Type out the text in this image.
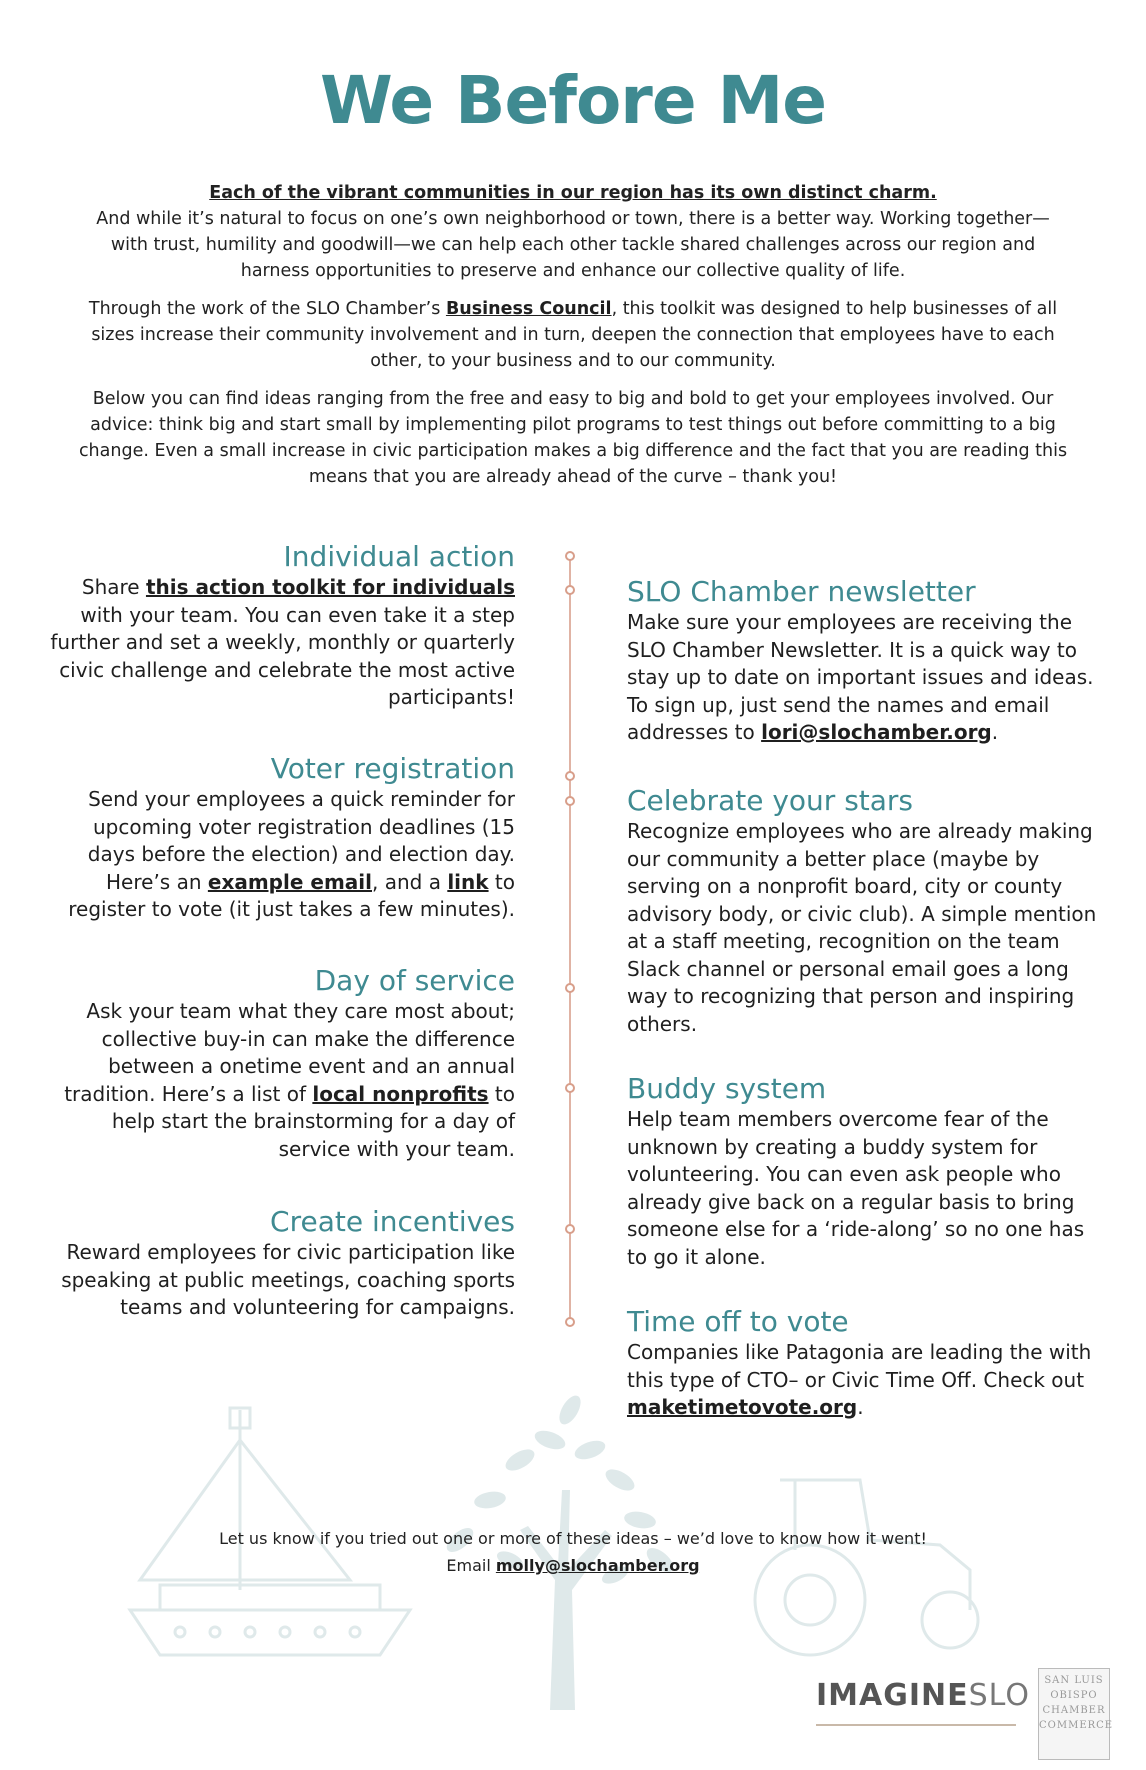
We Before Me

Each of the vibrant communities in our region has its own distinct charm.
And while it’s natural to focus on one’s own neighborhood or town, there is a better way. Working together—with trust, humility and goodwill—we can help each other tackle shared challenges across our region and harness opportunities to preserve and enhance our collective quality of life.

Through the work of the SLO Chamber’s Business Council, this toolkit was designed to help businesses of all sizes increase their community involvement and in turn, deepen the connection that employees have to each other, to your business and to our community.

Below you can find ideas ranging from the free and easy to big and bold to get your employees involved. Our advice: think big and start small by implementing pilot programs to test things out before committing to a big change. Even a small increase in civic participation makes a big difference and the fact that you are reading this means that you are already ahead of the curve – thank you!

Individual action
Share this action toolkit for individuals with your team. You can even take it a step further and set a weekly, monthly or quarterly civic challenge and celebrate the most active participants!
Voter registration
Send your employees a quick reminder for upcoming voter registration deadlines (15 days before the election) and election day. Here’s an example email, and a link to register to vote (it just takes a few minutes).
Day of service
Ask your team what they care most about; collective buy-in can make the difference between a onetime event and an annual tradition. Here’s a list of local nonprofits to help start the brainstorming for a day of service with your team.
Create incentives
Reward employees for civic participation like speaking at public meetings, coaching sports teams and volunteering for campaigns.
SLO Chamber newsletter
Make sure your employees are receiving the SLO Chamber Newsletter. It is a quick way to stay up to date on important issues and ideas. To sign up, just send the names and email addresses to lori@slochamber.org.
Celebrate your stars
Recognize employees who are already making our community a better place (maybe by serving on a nonprofit board, city or county advisory body, or civic club). A simple mention at a staff meeting, recognition on the team Slack channel or personal email goes a long way to recognizing that person and inspiring others.
Buddy system
Help team members overcome fear of the unknown by creating a buddy system for volunteering. You can even ask people who already give back on a regular basis to bring someone else for a ‘ride-along’ so no one has to go it alone.
Time off to vote
Companies like Patagonia are leading the with this type of CTO– or Civic Time Off. Check out maketimetovote.org.
Let us know if you tried out one or more of these ideas – we’d love to know how it went!
Email molly@slochamber.org
IMAGINESLO	SAN LUIS
OBISPO
CHAMBER
COMMERCE
